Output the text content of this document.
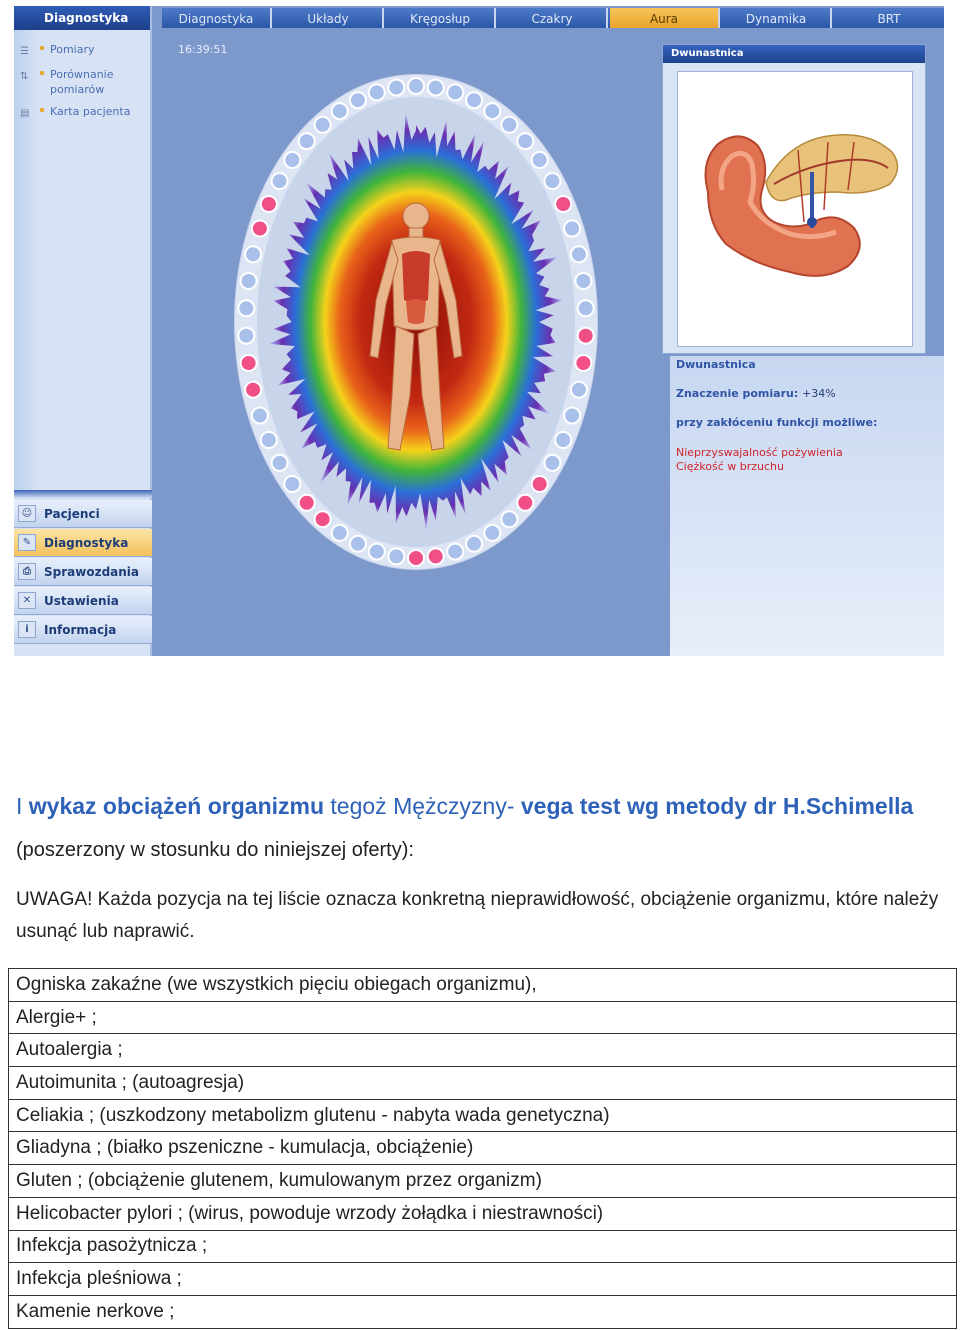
Diagnostyka
☰	Pomiary
⇅	Porównanie pomiarów
▤	Karta pacjenta
☺ Pacjenci
✎	Diagnostyka
⎙	Sprawozdania
✕	Ustawienia
i	Informacja
Diagnostyka	Układy	Kręgosłup	Czakry	Aura	Dynamika	BRT
16:39:51	Dwunastnica
Dwunastnica
Znaczenie pomiaru: +34%
przy zakłóceniu funkcji możliwe:
Nieprzyswajalność pożywienia
Ciężkość w brzuchu
I wykaz obciążeń organizmu tegoż Mężczyzny- vega test wg metody dr H.Schimella (poszerzony w stosunku do niniejszej oferty):
UWAGA! Każda pozycja na tej liście oznacza konkretną nieprawidłowość, obciążenie organizmu, które należy usunąć lub naprawić.
Ogniska zakaźne (we wszystkich pięciu obiegach organizmu),
Alergie+ ;
Autoalergia ;
Autoimunita ; (autoagresja)
Celiakia ; (uszkodzony metabolizm glutenu - nabyta wada genetyczna)
Gliadyna ; (białko pszeniczne - kumulacja, obciążenie)
Gluten ; (obciążenie glutenem, kumulowanym przez organizm)
Helicobacter pylori ; (wirus, powoduje wrzody żołądka i niestrawności)
Infekcja pasożytnicza ;
Infekcja pleśniowa ;
Kamenie nerkove ;
